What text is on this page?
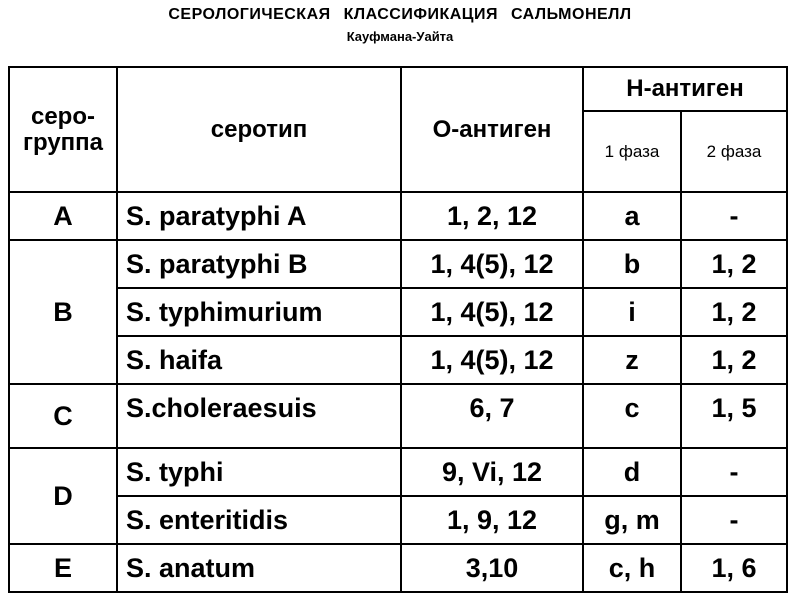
СЕРОЛОГИЧЕСКАЯ КЛАССИФИКАЦИЯ САЛЬМОНЕЛЛ
Кауфмана-Уайта
серо-
группа	серотип	О-антиген	Н-антиген	
			1 фаза	2 фаза
A	S. paratyphi A	1, 2, 12	a	-
B	S. paratyphi B	1, 4(5), 12	b	1, 2
	S. typhimurium	1, 4(5), 12	i	1, 2
	S. haifa	1, 4(5), 12	z	1, 2
C	S.choleraesuis	6, 7	c	1, 5
D	S. typhi	9, Vi, 12	d	-
	S. enteritidis	1, 9, 12	g, m	-
E	S. anatum	3,10	c, h	1, 6
